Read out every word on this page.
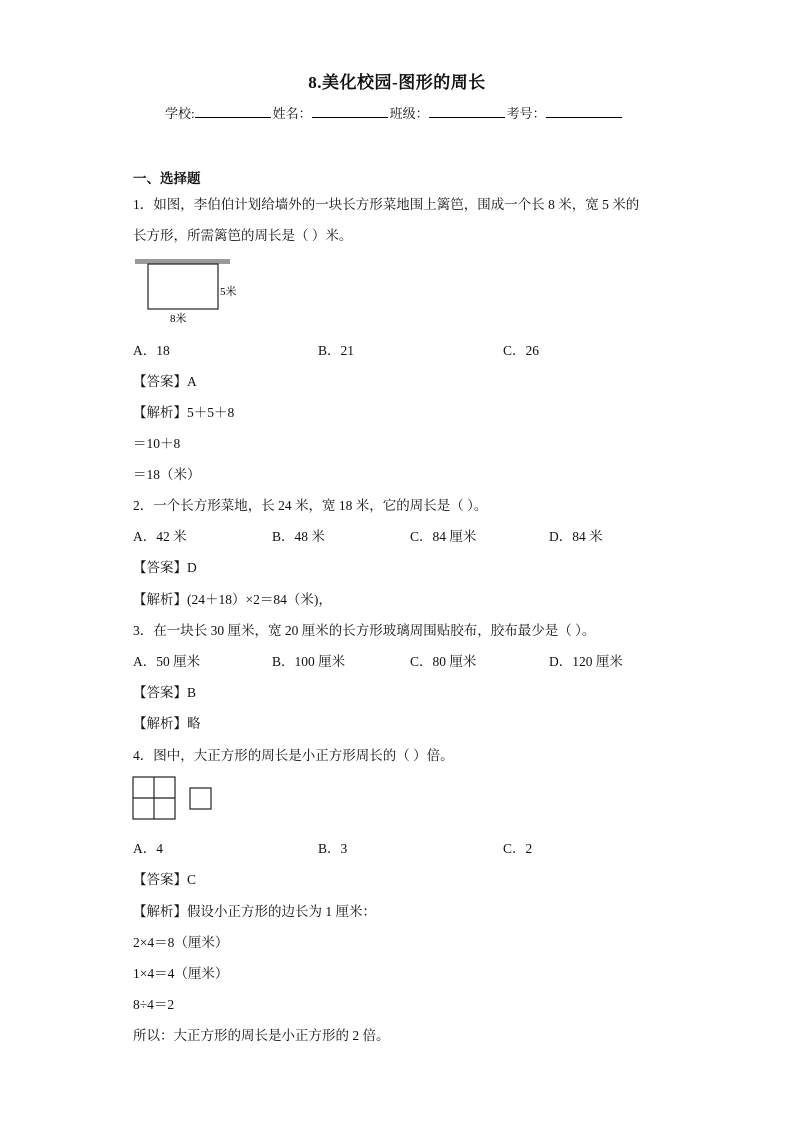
8.美化校园-图形的周长
学校:	姓名：	班级：	考号：
一、选择题
1．如图，李伯伯计划给墙外的一块长方形菜地围上篱笆，围成一个长 8 米，宽 5 米的
长方形，所需篱笆的周长是（ ）米。
5米
8米
A．18	B．21	C．26
【答案】A
【解析】5＋5＋8
＝10＋8
＝18（米）
2．一个长方形菜地，长 24 米，宽 18 米，它的周长是（ ）。
A．42 米	B．48 米	C．84 厘米	D．84 米
【答案】D
【解析】(24＋18）×2＝84（米)，
3．在一块长 30 厘米，宽 20 厘米的长方形玻璃周围贴胶布，胶布最少是（ ）。
A．50 厘米	B．100 厘米	C．80 厘米	D．120 厘米
【答案】B
【解析】略
4．图中，大正方形的周长是小正方形周长的（ ）倍。
A．4	B．3	C．2
【答案】C
【解析】假设小正方形的边长为 1 厘米：
2×4＝8（厘米）
1×4＝4（厘米）
8÷4＝2
所以：大正方形的周长是小正方形的 2 倍。
